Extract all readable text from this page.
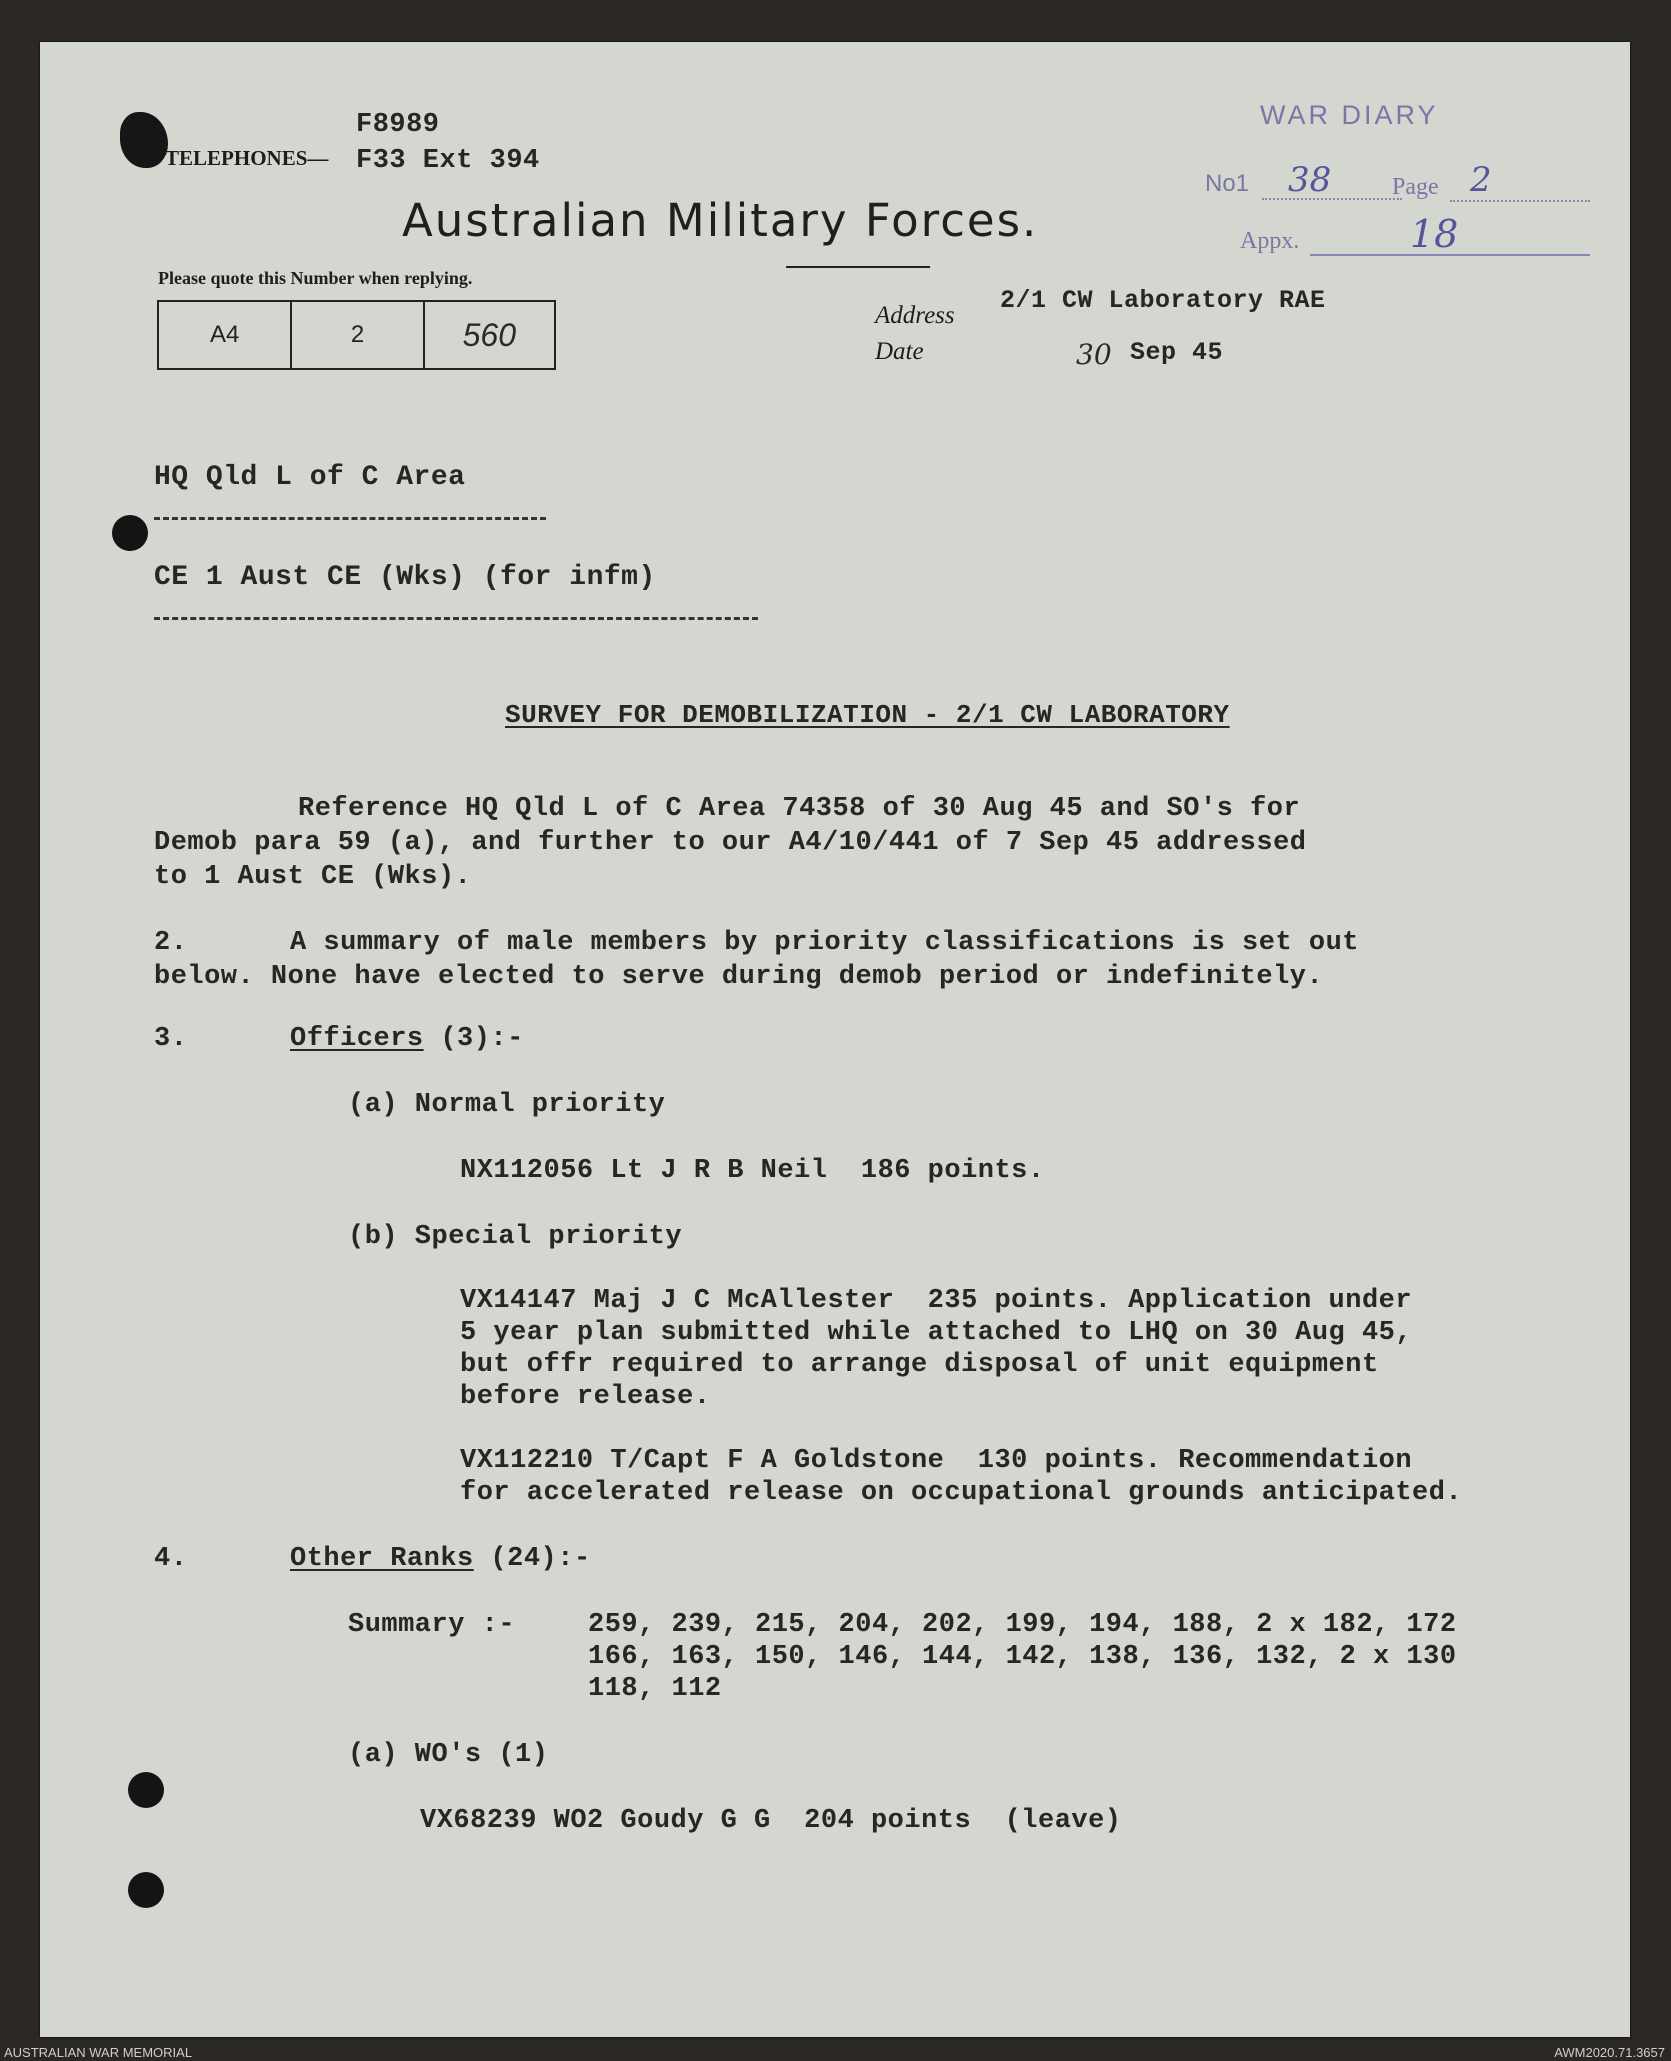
F8989
TELEPHONES— F33 Ext 394
Australian Military Forces.
Please quote this Number when replying.
A4	2	560
Address
2/1 CW Laboratory RAE
Date	30 Sep 45
WAR DIARY
No1 38	Page 2
Appx.	18
HQ Qld L of C Area
CE 1 Aust CE (Wks) (for infm)
SURVEY FOR DEMOBILIZATION - 2/1 CW LABORATORY
Reference HQ Qld L of C Area 74358 of 30 Aug 45 and SO's for
Demob para 59 (a), and further to our A4/10/441 of 7 Sep 45 addressed
to 1 Aust CE (Wks).
2.	A summary of male members by priority classifications is set out
below. None have elected to serve during demob period or indefinitely.
3.	Officers (3):-
(a) Normal priority
NX112056 Lt J R B Neil  186 points.
(b) Special priority
VX14147 Maj J C McAllester  235 points. Application under
5 year plan submitted while attached to LHQ on 30 Aug 45,
but offr required to arrange disposal of unit equipment
before release.
VX112210 T/Capt F A Goldstone  130 points. Recommendation
for accelerated release on occupational grounds anticipated.
4.	Other Ranks (24):-
Summary :-	259, 239, 215, 204, 202, 199, 194, 188, 2 x 182, 172
166, 163, 150, 146, 144, 142, 138, 136, 132, 2 x 130
118, 112
(a) WO's (1)
VX68239 WO2 Goudy G G  204 points  (leave)
AUSTRALIAN WAR MEMORIAL	AWM2020.71.3657
